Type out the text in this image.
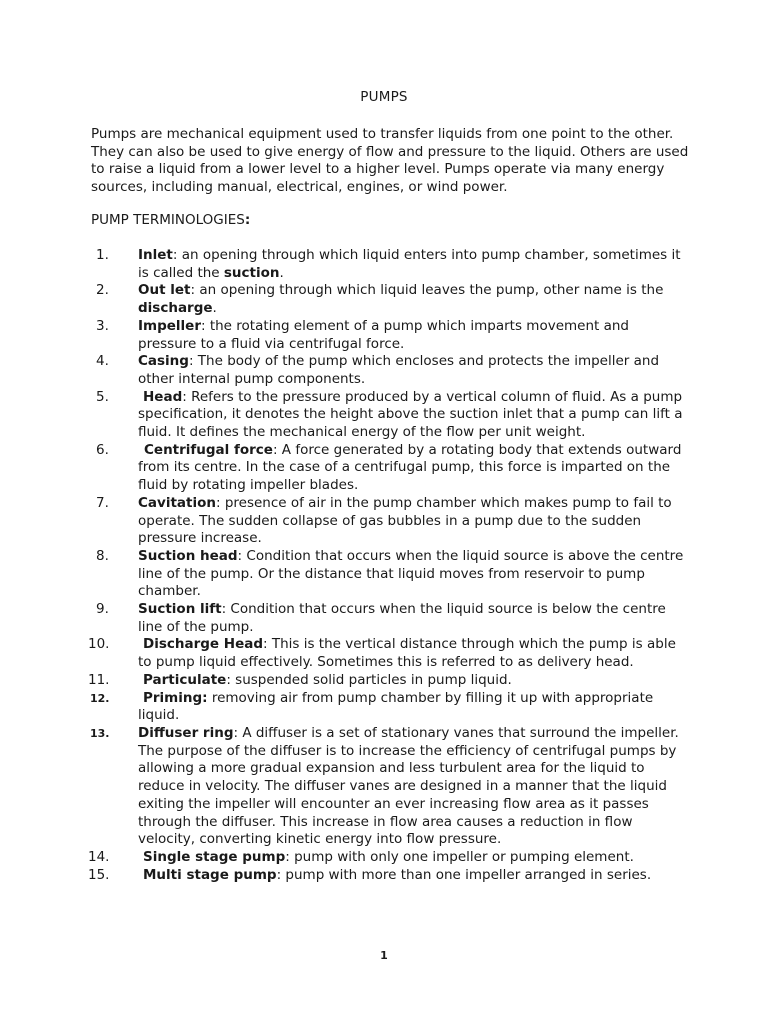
PUMPS

Pumps are mechanical equipment used to transfer liquids from one point to the other. They can also be used to give energy of flow and pressure to the liquid. Others are used to raise a liquid from a lower level to a higher level. Pumps operate via many energy sources, including manual, electrical, engines, or wind power.

PUMP TERMINOLOGIES:
1.	Inlet: an opening through which liquid enters into pump chamber, sometimes it is called the suction.
2.	Out let: an opening through which liquid leaves the pump, other name is the discharge.
3.	Impeller: the rotating element of a pump which imparts movement and pressure to a fluid via centrifugal force.
4.	Casing: The body of the pump which encloses and protects the impeller and other internal pump components.
5.	Head: Refers to the pressure produced by a vertical column of fluid. As a pump specification, it denotes the height above the suction inlet that a pump can lift a fluid. It defines the mechanical energy of the flow per unit weight.
6.	Centrifugal force: A force generated by a rotating body that extends outward from its centre. In the case of a centrifugal pump, this force is imparted on the fluid by rotating impeller blades.
7.	Cavitation: presence of air in the pump chamber which makes pump to fail to operate. The sudden collapse of gas bubbles in a pump due to the sudden pressure increase.
8.	Suction head: Condition that occurs when the liquid source is above the centre line of the pump. Or the distance that liquid moves from reservoir to pump chamber.
9.	Suction lift: Condition that occurs when the liquid source is below the centre line of the pump.
10.	Discharge Head: This is the vertical distance through which the pump is able to pump liquid effectively. Sometimes this is referred to as delivery head.
11.	Particulate: suspended solid particles in pump liquid.
12.	Priming: removing air from pump chamber by filling it up with appropriate liquid.
13.	Diffuser ring: A diffuser is a set of stationary vanes that surround the impeller. The purpose of the diffuser is to increase the efficiency of centrifugal pumps by allowing a more gradual expansion and less turbulent area for the liquid to reduce in velocity. The diffuser vanes are designed in a manner that the liquid exiting the impeller will encounter an ever increasing flow area as it passes through the diffuser. This increase in flow area causes a reduction in flow velocity, converting kinetic energy into flow pressure.
14.	Single stage pump: pump with only one impeller or pumping element.
15.	Multi stage pump: pump with more than one impeller arranged in series.
1
